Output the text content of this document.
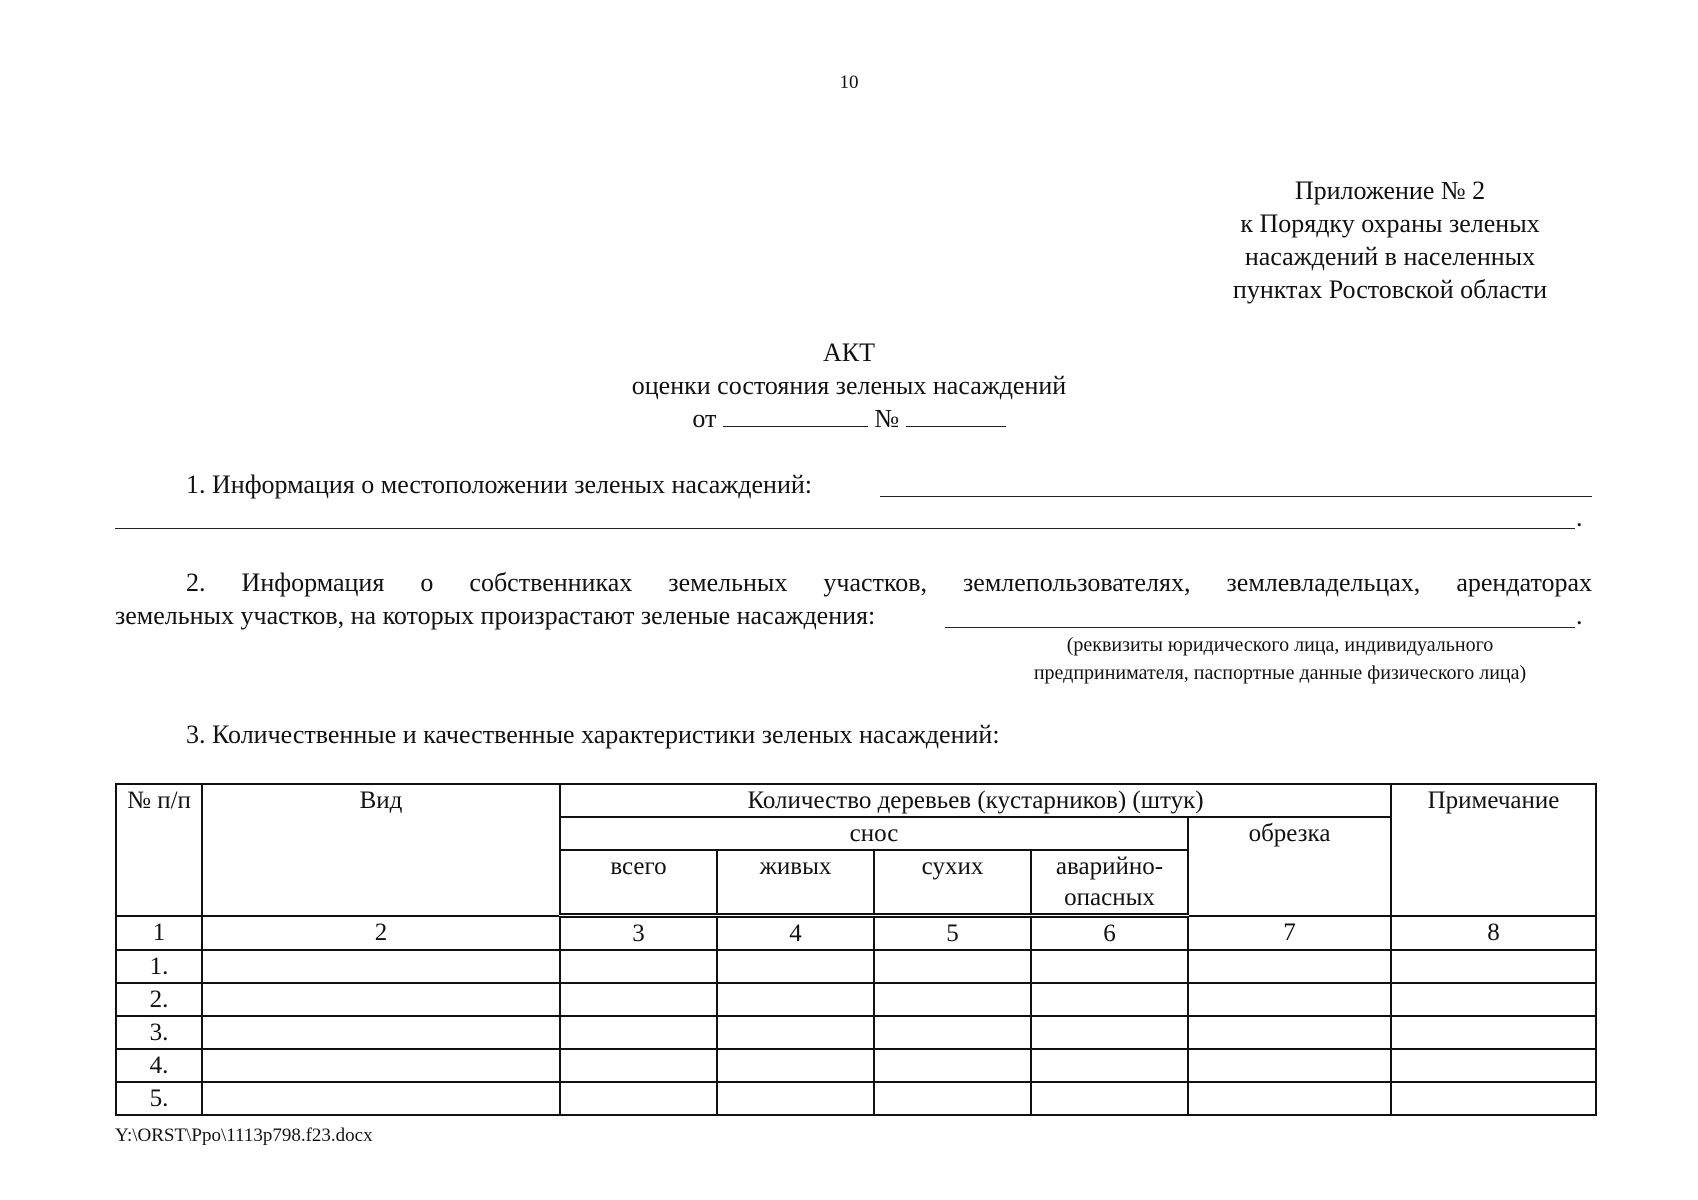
10
Приложение № 2
к Порядку охраны зеленых
насаждений в населенных
пунктах Ростовской области
АКТ
оценки состояния зеленых насаждений
от	№
1. Информация о местоположении зеленых насаждений:
.
2. Информация о собственниках земельных участков, землепользователях, землевладельцах, арендаторах
земельных участков, на которых произрастают зеленые насаждения:	.
(реквизиты юридического лица, индивидуального
предпринимателя, паспортные данные физического лица)
3. Количественные и качественные характеристики зеленых насаждений:
№ п/п	Вид	Количество деревьев (кустарников) (штук)					Примечание
		снос				обрезка	
		всего	живых	сухих	аварийно-
опасных		

1	2	3	4	5	6	7	8
1.							
2.							
3.							
4.							
5.							
Y:\ORST\Ppo\1113p798.f23.docx
